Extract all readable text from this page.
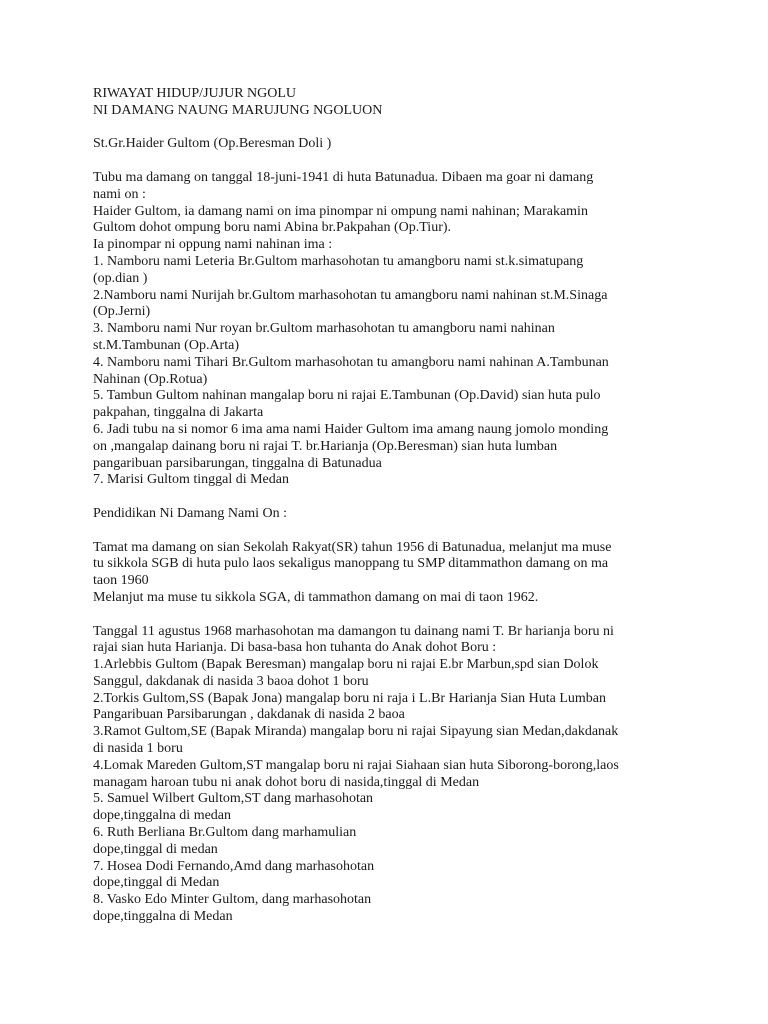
RIWAYAT HIDUP/JUJUR NGOLU
NI DAMANG NAUNG MARUJUNG NGOLUON
St.Gr.Haider Gultom (Op.Beresman Doli )
Tubu ma damang on tanggal 18-juni-1941 di huta Batunadua. Dibaen ma goar ni damang
nami on :
Haider Gultom, ia damang nami on ima pinompar ni ompung nami nahinan; Marakamin
Gultom dohot ompung boru nami Abina br.Pakpahan (Op.Tiur).
Ia pinompar ni oppung nami nahinan ima :
1. Namboru nami Leteria Br.Gultom marhasohotan tu amangboru nami st.k.simatupang
(op.dian )
2.Namboru nami Nurijah br.Gultom marhasohotan tu amangboru nami nahinan st.M.Sinaga
(Op.Jerni)
3. Namboru nami Nur royan br.Gultom marhasohotan tu amangboru nami nahinan
st.M.Tambunan (Op.Arta)
4. Namboru nami Tihari Br.Gultom marhasohotan tu amangboru nami nahinan A.Tambunan
Nahinan (Op.Rotua)
5. Tambun Gultom nahinan mangalap boru ni rajai E.Tambunan (Op.David) sian huta pulo
pakpahan, tinggalna di Jakarta
6. Jadi tubu na si nomor 6 ima ama nami Haider Gultom ima amang naung jomolo monding
on ,mangalap dainang boru ni rajai T. br.Harianja (Op.Beresman) sian huta lumban
pangaribuan parsibarungan, tinggalna di Batunadua
7. Marisi Gultom tinggal di Medan
Pendidikan Ni Damang Nami On :
Tamat ma damang on sian Sekolah Rakyat(SR) tahun 1956 di Batunadua, melanjut ma muse
tu sikkola SGB di huta pulo laos sekaligus manoppang tu SMP ditammathon damang on ma
taon 1960
Melanjut ma muse tu sikkola SGA, di tammathon damang on mai di taon 1962.
Tanggal 11 agustus 1968 marhasohotan ma damangon tu dainang nami T. Br harianja boru ni
rajai sian huta Harianja. Di basa-basa hon tuhanta do Anak dohot Boru :
1.Arlebbis Gultom (Bapak Beresman) mangalap boru ni rajai E.br Marbun,spd sian Dolok
Sanggul, dakdanak di nasida 3 baoa dohot 1 boru
2.Torkis Gultom,SS (Bapak Jona) mangalap boru ni raja i L.Br Harianja Sian Huta Lumban
Pangaribuan Parsibarungan , dakdanak di nasida 2 baoa
3.Ramot Gultom,SE (Bapak Miranda) mangalap boru ni rajai Sipayung sian Medan,dakdanak
di nasida 1 boru
4.Lomak Mareden Gultom,ST mangalap boru ni rajai Siahaan sian huta Siborong-borong,laos
managam haroan tubu ni anak dohot boru di nasida,tinggal di Medan
5. Samuel Wilbert Gultom,ST dang marhasohotan
dope,tinggalna di medan
6. Ruth Berliana Br.Gultom dang marhamulian
dope,tinggal di medan
7. Hosea Dodi Fernando,Amd dang marhasohotan
dope,tinggal di Medan
8. Vasko Edo Minter Gultom, dang marhasohotan
dope,tinggalna di Medan
